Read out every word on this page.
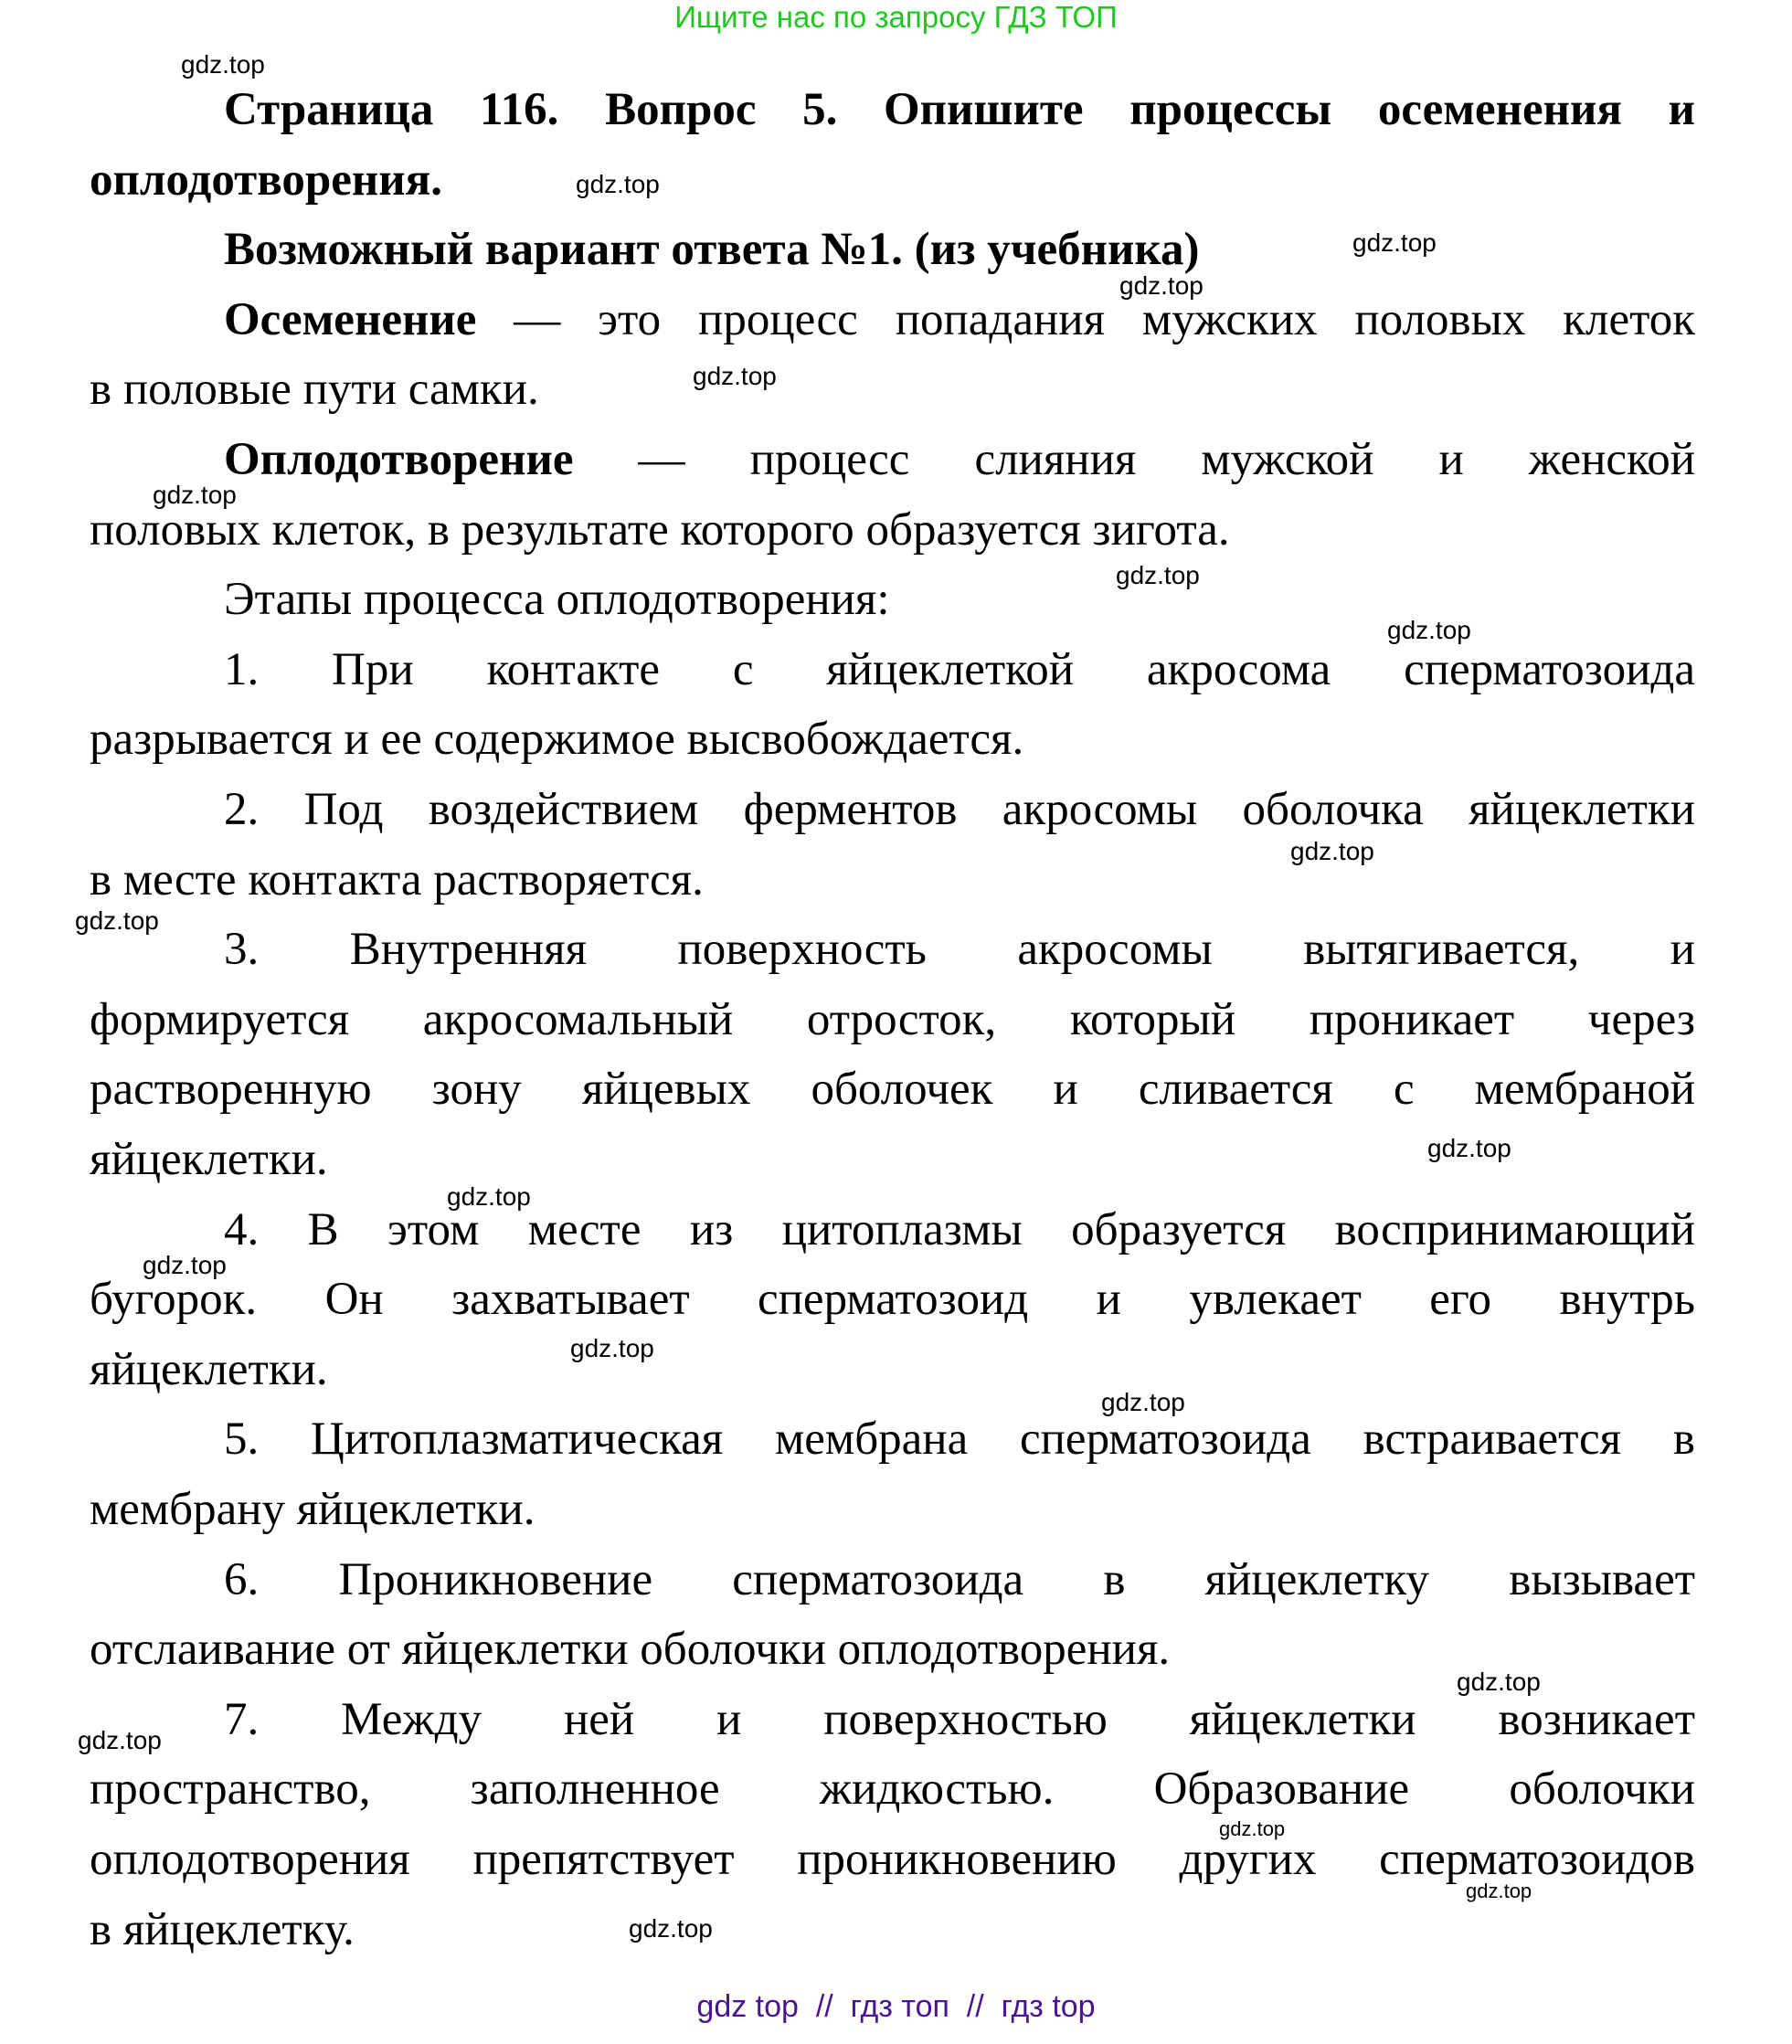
Ищите нас по запросу ГДЗ ТОП
Страница 116. Вопрос 5. Опишите процессы осеменения и
оплодотворения.
Возможный вариант ответа №1. (из учебника)
Осеменение — это процесс попадания мужских половых клеток
в половые пути самки.
Оплодотворение — процесс слияния мужской и женской
половых клеток, в результате которого образуется зигота.
Этапы процесса оплодотворения:
1. При контакте с яйцеклеткой акросома сперматозоида
разрывается и ее содержимое высвобождается.
2. Под воздействием ферментов акросомы оболочка яйцеклетки
в месте контакта растворяется.
3. Внутренняя поверхность акросомы вытягивается, и
формируется акросомальный отросток, который проникает через
растворенную зону яйцевых оболочек и сливается с мембраной
яйцеклетки.
4. В этом месте из цитоплазмы образуется воспринимающий
бугорок. Он захватывает сперматозоид и увлекает его внутрь
яйцеклетки.
5. Цитоплазматическая мембрана сперматозоида встраивается в
мембрану яйцеклетки.
6. Проникновение сперматозоида в яйцеклетку вызывает
отслаивание от яйцеклетки оболочки оплодотворения.
7. Между ней и поверхностью яйцеклетки возникает
пространство, заполненное жидкостью. Образование оболочки
оплодотворения препятствует проникновению других сперматозоидов
в яйцеклетку.
gdz.top
gdz.top
gdz.top
gdz.top
gdz.top
gdz.top
gdz.top
gdz.top
gdz.top
gdz.top
gdz.top
gdz.top
gdz.top
gdz.top
gdz.top
gdz.top
gdz.top
gdz.top
gdz.top
gdz.top
gdz top  //  гдз топ  //  гдз top
